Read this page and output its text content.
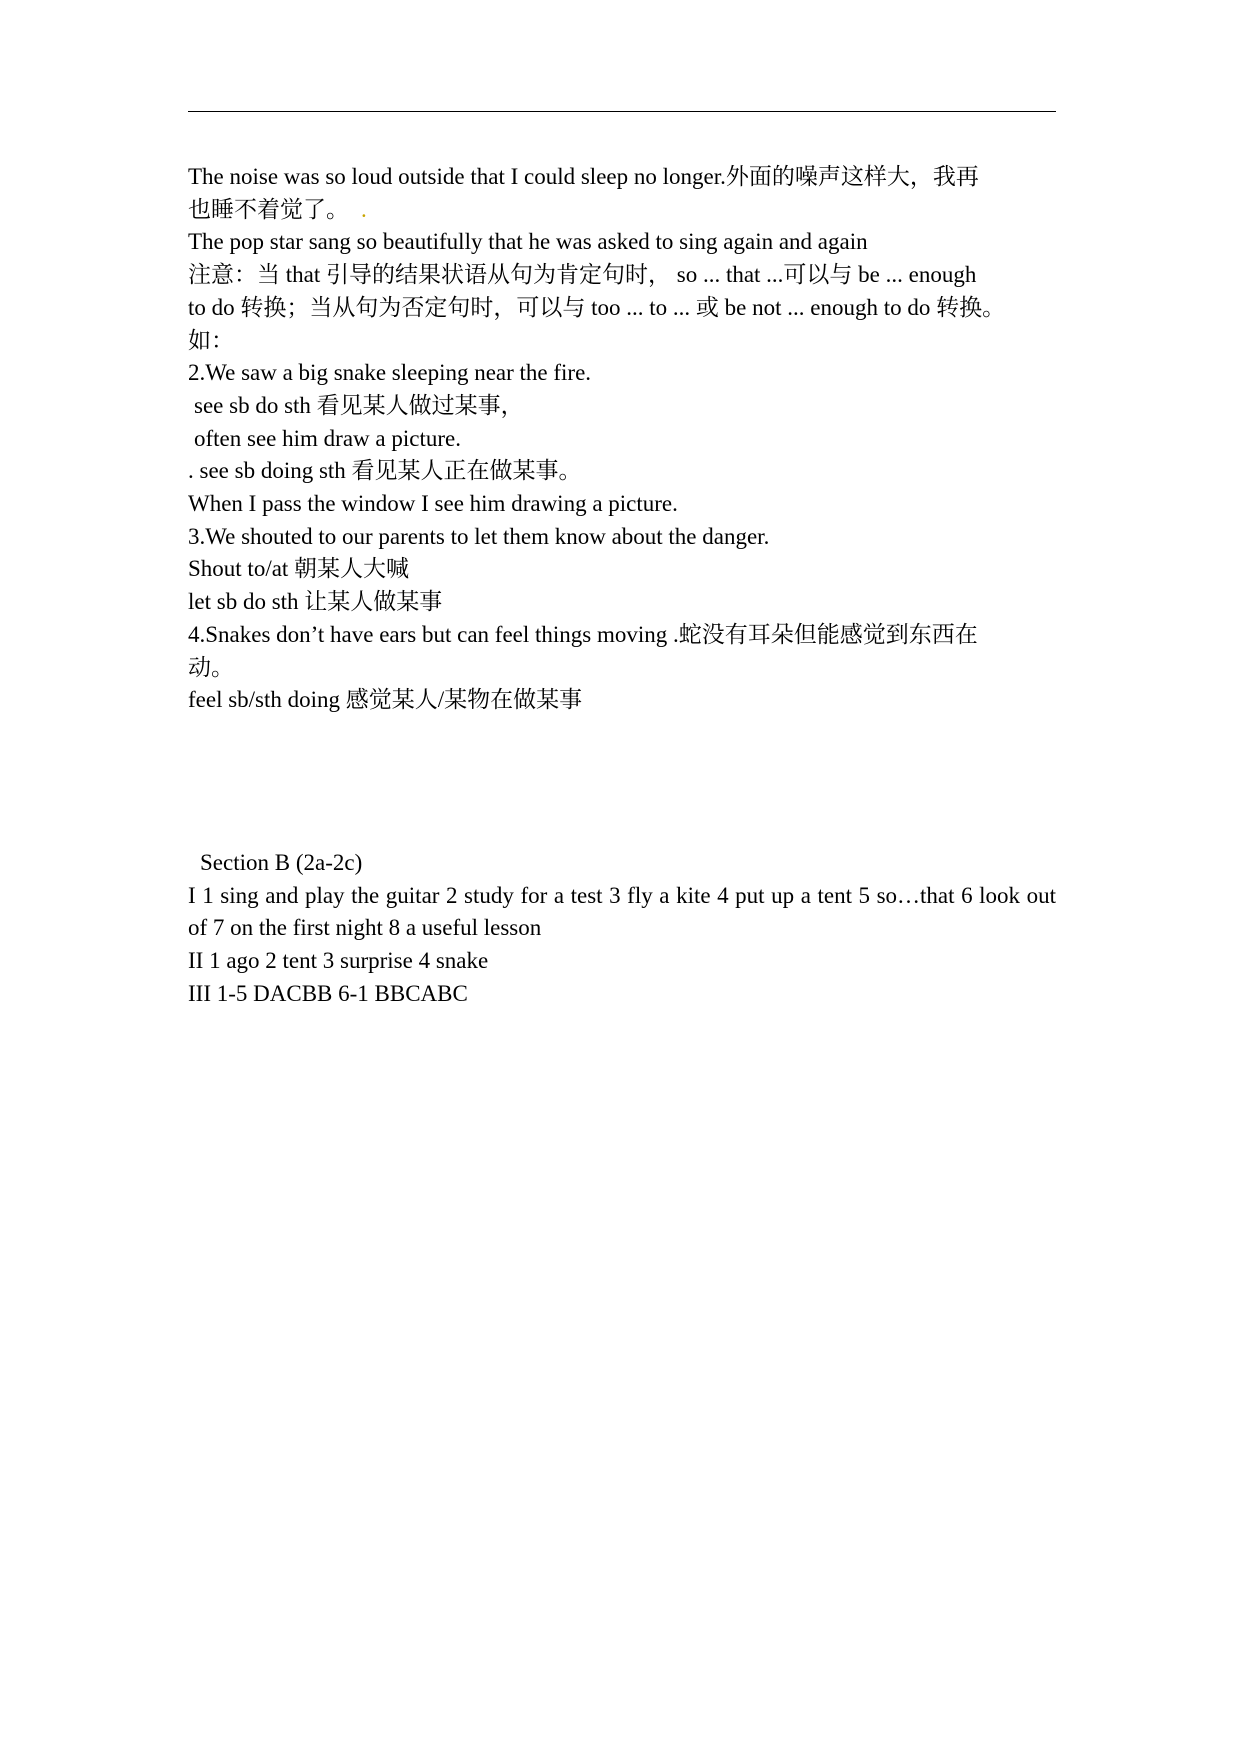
The noise was so loud outside that I could sleep no longer.外面的噪声这样大，我再
也睡不着觉了。 .
The pop star sang so beautifully that he was asked to sing again and again
注意：当 that 引导的结果状语从句为肯定句时， so ... that ...可以与 be ... enough
to do 转换；当从句为否定句时，可以与 too ... to ... 或 be not ... enough to do 转换。
如：
2.We saw a big snake sleeping near the fire.
see sb do sth 看见某人做过某事，
often see him draw a picture.
. see sb doing sth 看见某人正在做某事。
When I pass the window I see him drawing a picture.
3.We shouted to our parents to let them know about the danger.
Shout to/at 朝某人大喊
let sb do sth 让某人做某事
4.Snakes don’t have ears but can feel things moving .蛇没有耳朵但能感觉到东西在
动。
feel sb/sth doing 感觉某人/某物在做某事
Section B (2a-2c)
I 1 sing and play the guitar 2 study for a test 3 fly a kite 4 put up a tent 5 so…that 6 look out of 7 on the first night 8 a useful lesson
II 1 ago 2 tent 3 surprise 4 snake
III 1-5 DACBB 6-1 BBCABC
